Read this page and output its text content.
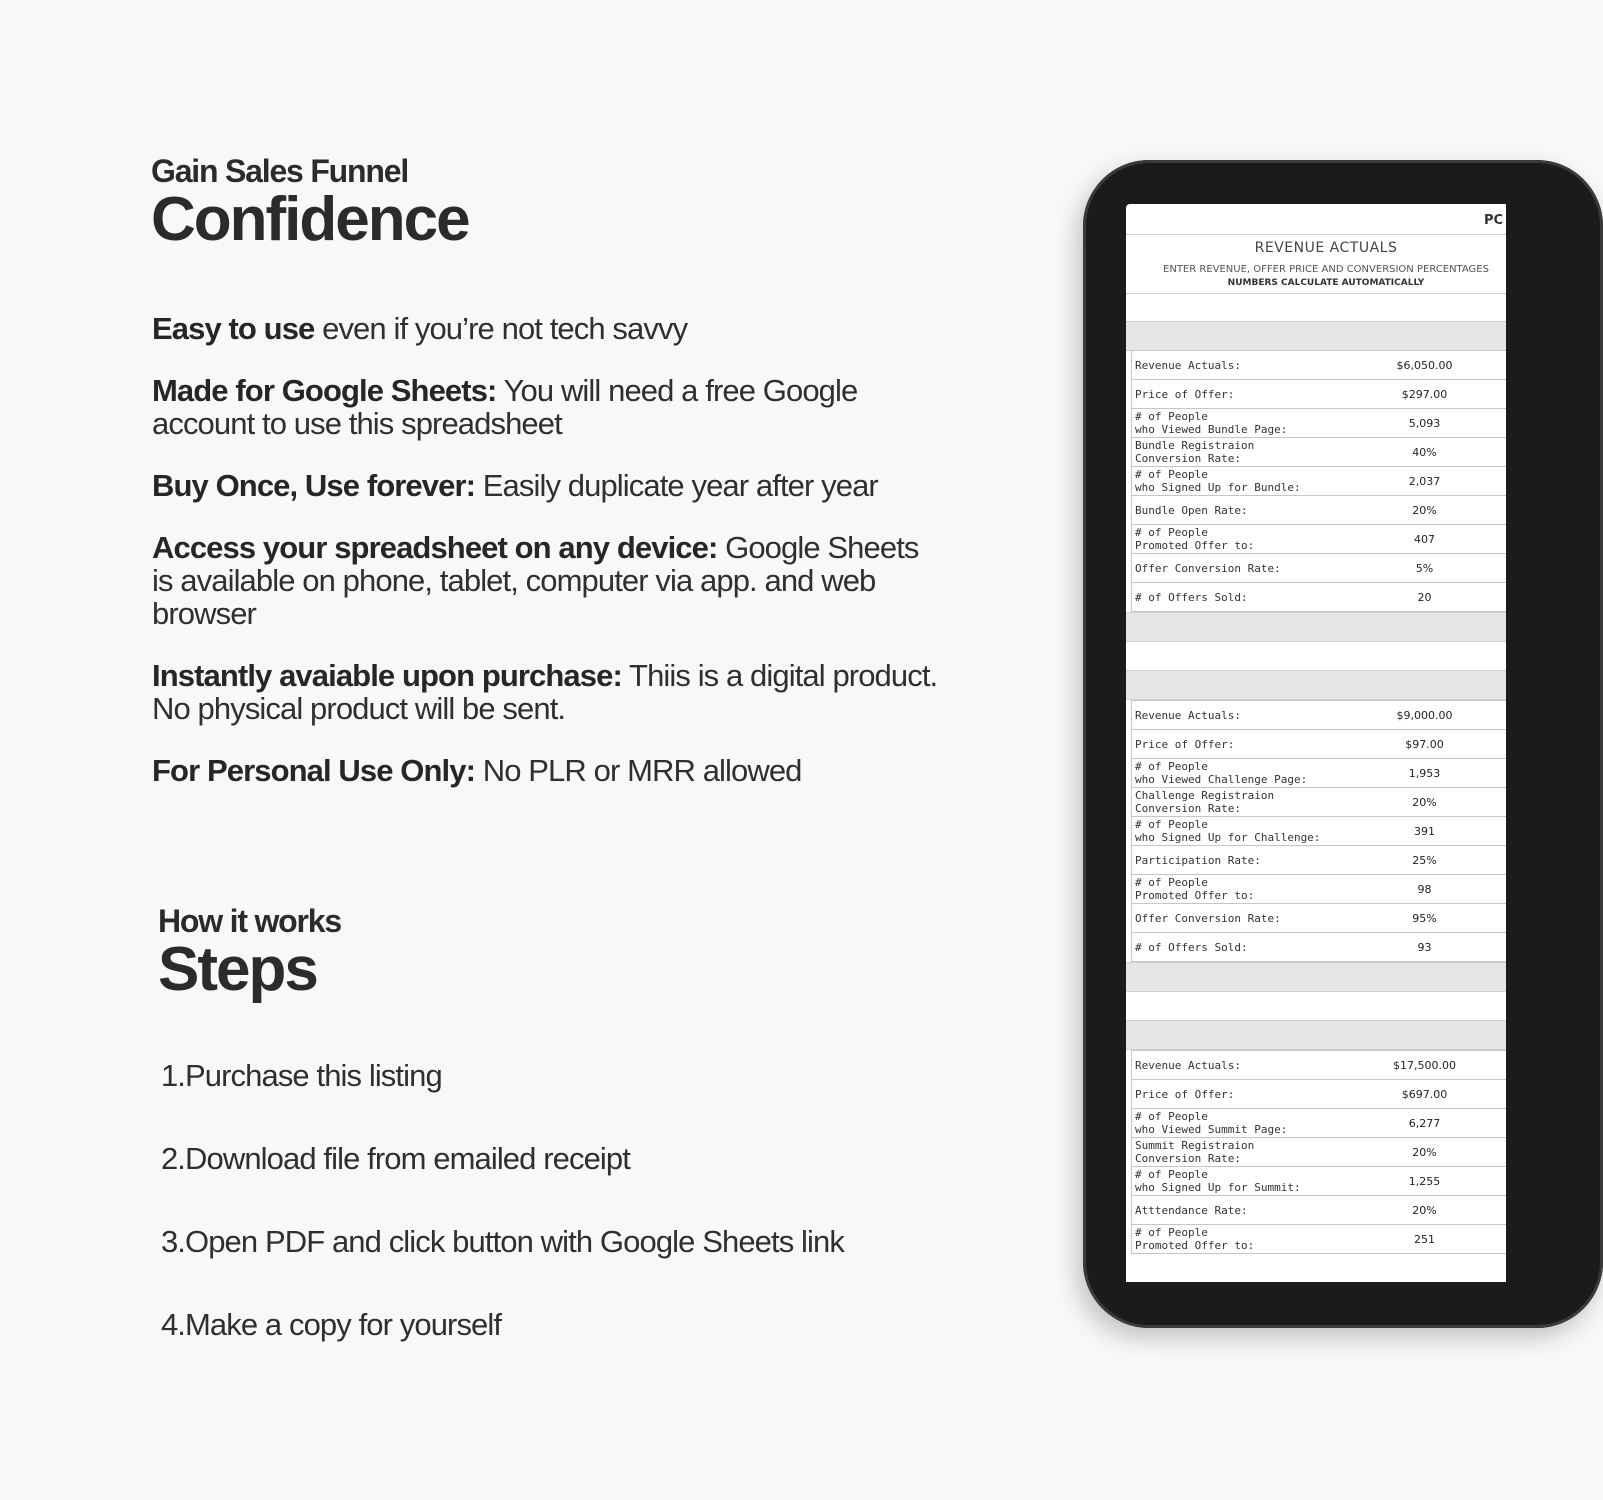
Gain Sales Funnel
Confidence
Easy to use even if you’re not tech savvy
Made for Google Sheets: You will need a free Google account to use this spreadsheet
Buy Once, Use forever: Easily duplicate year after year
Access your spreadsheet on any device: Google Sheets is available on phone, tablet, computer via app. and web browser
Instantly avaiable upon purchase: Thiis is a digital product. No physical product will be sent.
For Personal Use Only: No PLR or MRR allowed
How it works
Steps
1.Purchase this listing
2.Download file from emailed receipt
3.Open PDF and click button with Google Sheets link
4.Make a copy for yourself
PC
REVENUE ACTUALS
ENTER REVENUE, OFFER PRICE AND CONVERSION PERCENTAGES
NUMBERS CALCULATE AUTOMATICALLY
Revenue Actuals:	$6,050.00
Price of Offer:	$297.00
# of People
who Viewed Bundle Page:	5,093
Bundle Registraion
Conversion Rate:	40%
# of People
who Signed Up for Bundle:	2,037
Bundle Open Rate:	20%
# of People
Promoted Offer to:	407
Offer Conversion Rate:	5%
# of Offers Sold:	20
Revenue Actuals:	$9,000.00
Price of Offer:	$97.00
# of People
who Viewed Challenge Page:	1,953
Challenge Registraion
Conversion Rate:	20%
# of People
who Signed Up for Challenge:	391
Participation Rate:	25%
# of People
Promoted Offer to:	98
Offer Conversion Rate:	95%
# of Offers Sold:	93
Revenue Actuals:	$17,500.00
Price of Offer:	$697.00
# of People
who Viewed Summit Page:	6,277
Summit Registraion
Conversion Rate:	20%
# of People
who Signed Up for Summit:	1,255
Atttendance Rate:	20%
# of People
Promoted Offer to:	251
